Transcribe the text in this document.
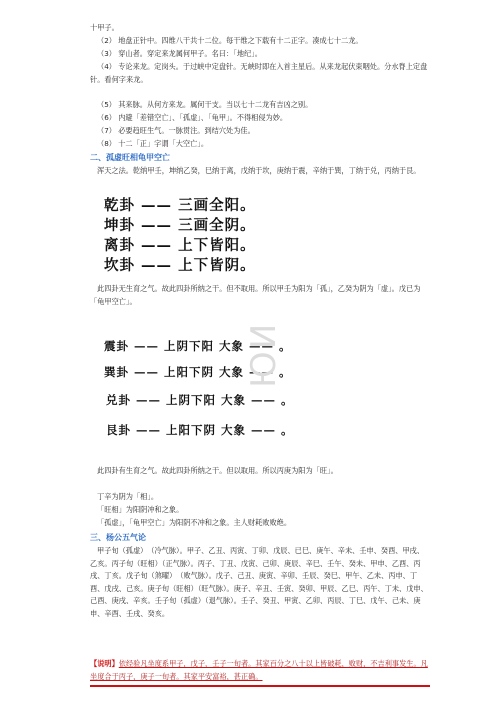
十甲子。
（2） 地盘正针中。四维八干共十二位。每干维之下载有十二正字。凑成七十二龙。
（3） 穿山者。穿定来龙属何甲子。名曰：「地纪」。
（4） 专论来龙。定岗头。于过峡中定盘针。无峡时即在入首主星后。从来龙起伏束咽处。分水脊上定盘针。看何字来龙。
（5） 其来脉。从何方来龙。属何干支。当以七十二龙有吉凶之别。
（6） 内避「差错空亡」、「孤虚」、「龟甲」。不得相侵为妙。
（7） 必要趋旺生气。一脉贯注。到结穴处为佳。
（8） 十二「正」字谓「大空亡」。
二、孤虚旺相龟甲空亡
浑天之法。乾纳甲壬，坤纳乙癸，巳纳于离，戊纳于坎，庚纳于震，辛纳于巽，丁纳于兑，丙纳于艮。
乾卦 —— 三画全阳。
坤卦 —— 三画全阴。
离卦 —— 上下皆阳。
坎卦 —— 上下皆阴。
此四卦无生育之气。故此四卦所纳之干。但不取用。所以甲壬为阳为「孤」，乙癸为阴为「虚」。戊已为「龟甲空亡」。
震卦 —— 上阴下阳 大象 —— 。
巽卦 —— 上阳下阴 大象 —— 。
兑卦 —— 上阴下阳 大象 —— 。
艮卦 —— 上阳下阴 大象 —— 。
ЮИ
此四卦有生育之气。故此四卦所纳之干。但以取用。所以丙庚为阳为「旺」。
丁辛为阴为「相」。
「旺相」为阳阴冲和之象。
「孤虚」，「龟甲空亡」为阳阴不冲和之象。主人财耗败败绝。
三、杨公五气论
甲子旬（孤虚）　（冷气脉）。甲子、乙丑、丙寅、丁卯、戊辰、已巳、庚午、辛未、壬申、癸酉、甲戌、乙亥。丙子旬（旺相）（正气脉）。丙子、丁丑、戊寅、己卯、庚辰、辛巳、壬午、癸未、甲申、乙酉、丙戌、丁亥。戊子旬（煞曜）　（败气脉）。戊子、己丑、庚寅、辛卯、壬辰、癸巳、甲午、乙未、丙申、丁酉、戊戌、己亥。庚子旬（旺相）（旺气脉）。庚子、辛丑、壬寅、癸卯、甲辰、乙巳、丙午、丁未、戊申、己酉、庚戌、辛亥。壬子旬（孤虚）（退气脉）。壬子、癸丑、甲寅、乙卯、丙辰、丁巳、戊午、己未、庚申、辛酉、壬戌、癸亥。
【说明】依经验凡坐度系甲子，戊子，壬子一旬者。其家百分之八十以上皆破耗，败财，不吉利事发生。凡坐度合于丙子，庚子一旬者。其家平安富裕，甚正确。
